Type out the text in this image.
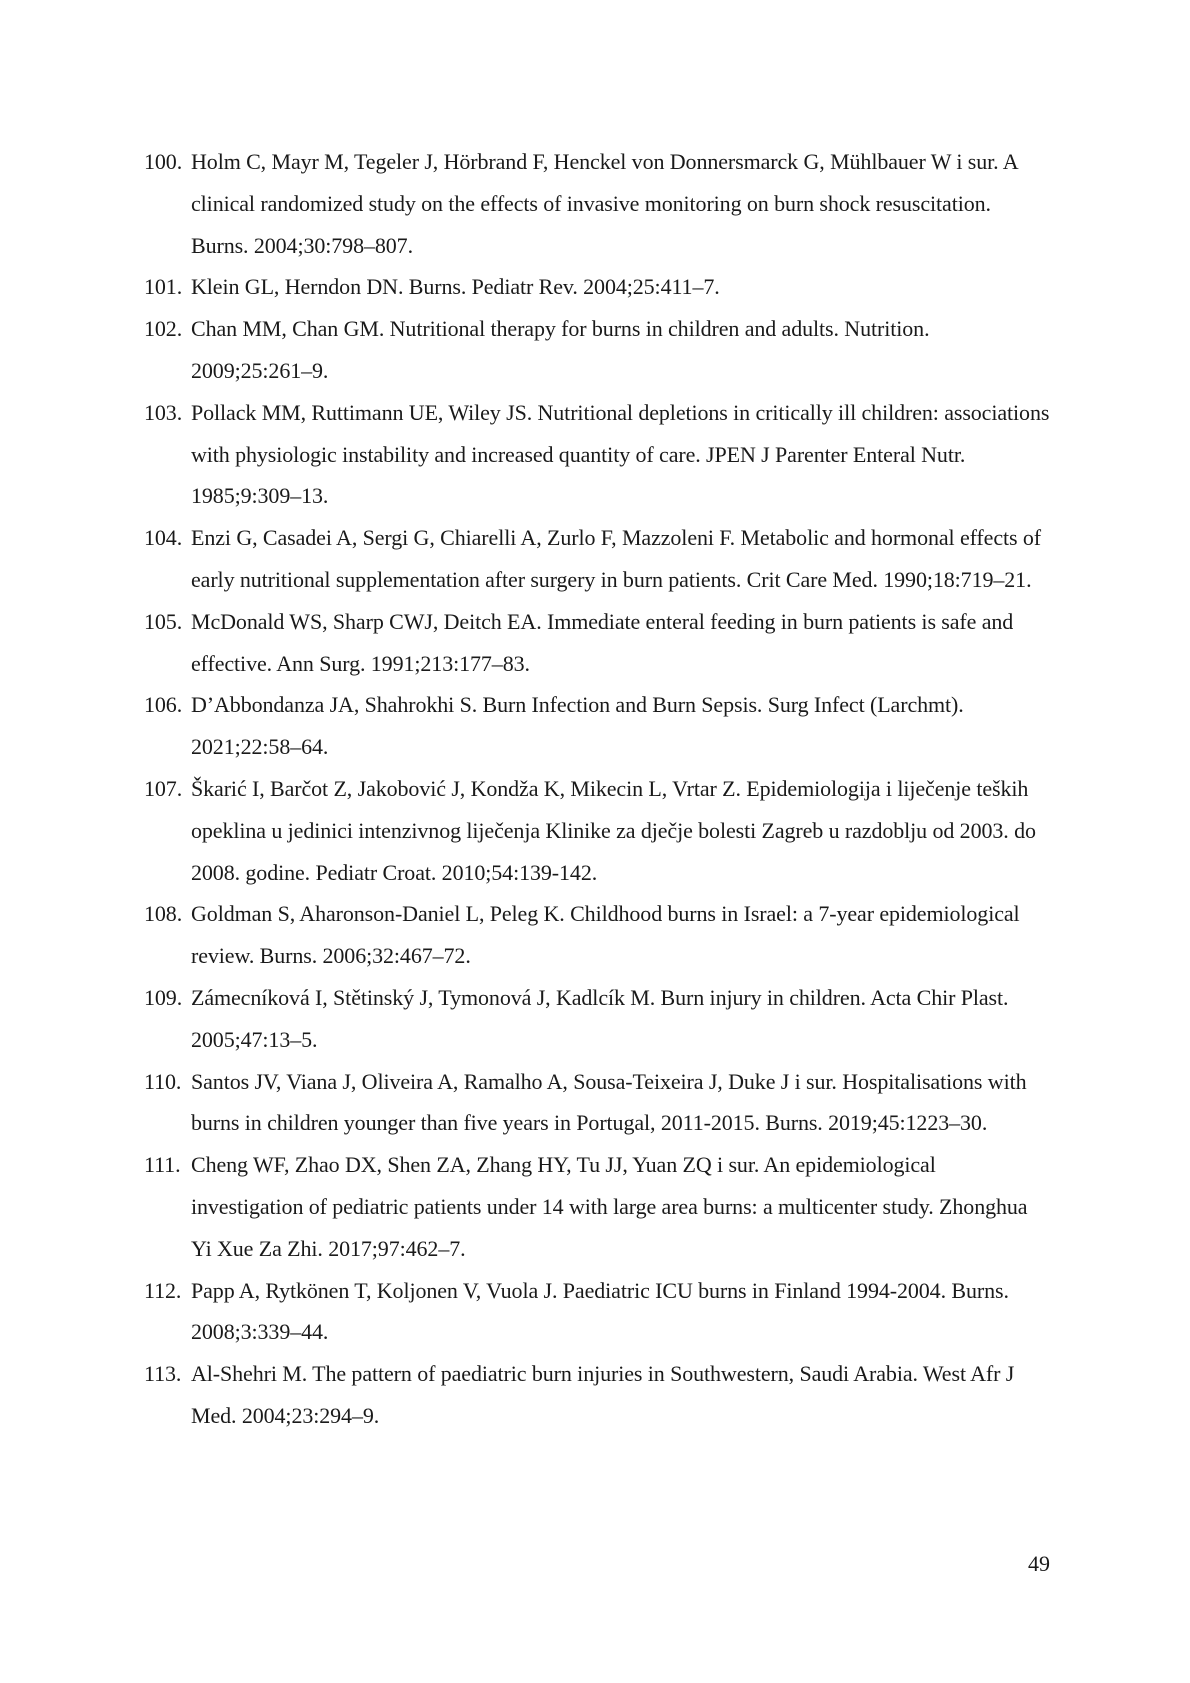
100. Holm C, Mayr M, Tegeler J, Hörbrand F, Henckel von Donnersmarck G, Mühlbauer W i sur. A clinical randomized study on the effects of invasive monitoring on burn shock resuscitation. Burns. 2004;30:798–807.
101. Klein GL, Herndon DN. Burns. Pediatr Rev. 2004;25:411–7.
102. Chan MM, Chan GM. Nutritional therapy for burns in children and adults. Nutrition. 2009;25:261–9.
103. Pollack MM, Ruttimann UE, Wiley JS. Nutritional depletions in critically ill children: associations with physiologic instability and increased quantity of care. JPEN J Parenter Enteral Nutr. 1985;9:309–13.
104. Enzi G, Casadei A, Sergi G, Chiarelli A, Zurlo F, Mazzoleni F. Metabolic and hormonal effects of early nutritional supplementation after surgery in burn patients. Crit Care Med. 1990;18:719–21.
105. McDonald WS, Sharp CWJ, Deitch EA. Immediate enteral feeding in burn patients is safe and effective. Ann Surg. 1991;213:177–83.
106. D’Abbondanza JA, Shahrokhi S. Burn Infection and Burn Sepsis. Surg Infect (Larchmt). 2021;22:58–64.
107. Škarić I, Barčot Z, Jakobović J, Kondža K, Mikecin L, Vrtar Z. Epidemiologija i liječenje teških opeklina u jedinici intenzivnog liječenja Klinike za dječje bolesti Zagreb u razdoblju od 2003. do 2008. godine. Pediatr Croat. 2010;54:139-142.
108. Goldman S, Aharonson-Daniel L, Peleg K. Childhood burns in Israel: a 7-year epidemiological review. Burns. 2006;32:467–72.
109. Zámecníková I, Stětinský J, Tymonová J, Kadlcík M. Burn injury in children. Acta Chir Plast. 2005;47:13–5.
110. Santos JV, Viana J, Oliveira A, Ramalho A, Sousa-Teixeira J, Duke J i sur. Hospitalisations with burns in children younger than five years in Portugal, 2011-2015. Burns. 2019;45:1223–30.
111. Cheng WF, Zhao DX, Shen ZA, Zhang HY, Tu JJ, Yuan ZQ i sur. An epidemiological investigation of pediatric patients under 14 with large area burns: a multicenter study. Zhonghua Yi Xue Za Zhi. 2017;97:462–7.
112. Papp A, Rytkönen T, Koljonen V, Vuola J. Paediatric ICU burns in Finland 1994-2004. Burns. 2008;3:339–44.
113. Al-Shehri M. The pattern of paediatric burn injuries in Southwestern, Saudi Arabia. West Afr J Med. 2004;23:294–9.
49
